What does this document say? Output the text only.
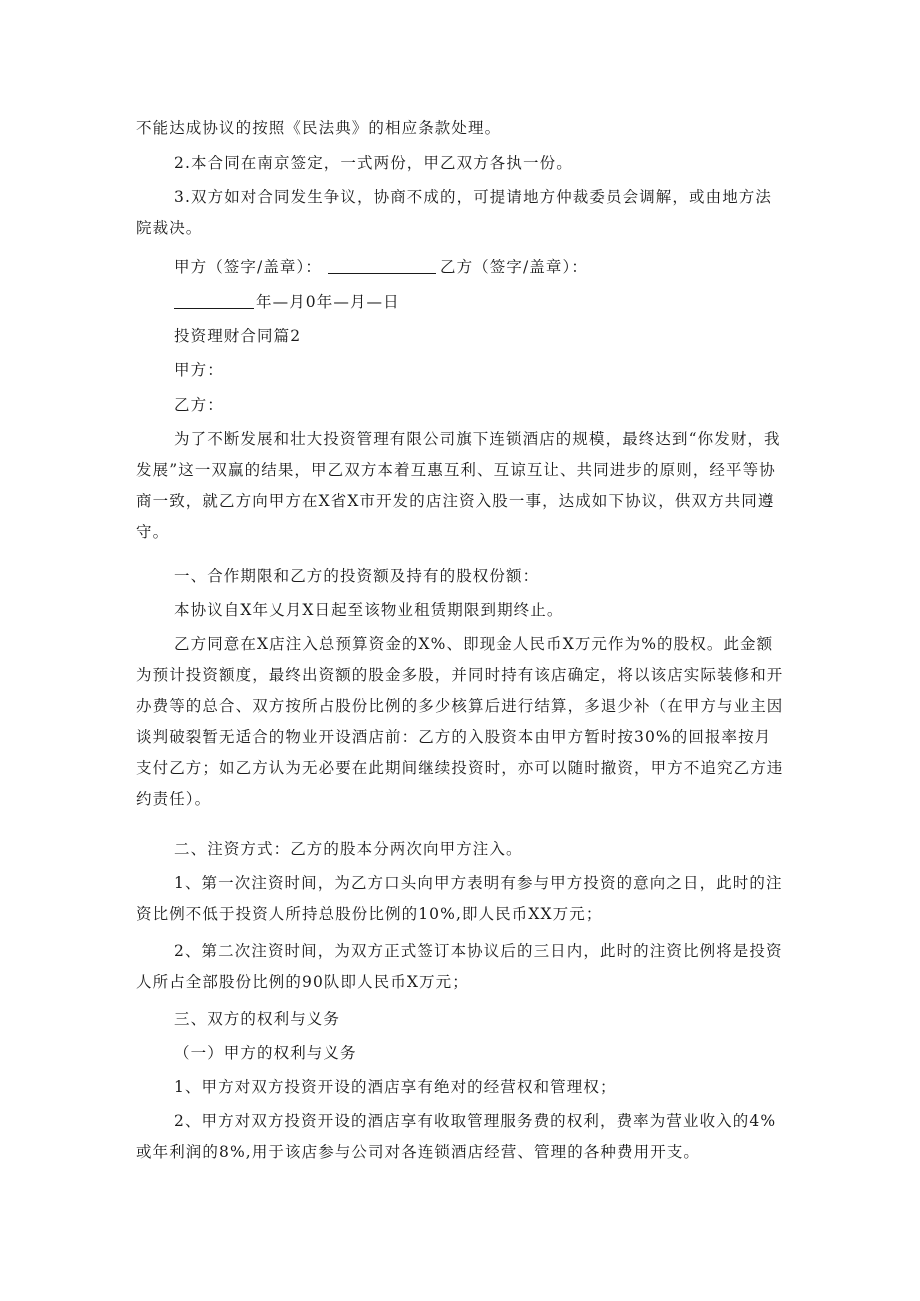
不能达成协议的按照《民法典》的相应条款处理。
2.本合同在南京签定，一式两份，甲乙双方各执一份。
3.双方如对合同发生争议，协商不成的，可提请地方仲裁委员会调解，或由地方法院裁决。
甲方（签字/盖章）：	乙方（签字/盖章）：
年—月0年—月—日
投资理财合同篇2
甲方：
乙方：
为了不断发展和壮大投资管理有限公司旗下连锁酒店的规模，最终达到“你发财，我发展”这一双赢的结果，甲乙双方本着互惠互利、互谅互让、共同进步的原则，经平等协商一致，就乙方向甲方在X省X市开发的店注资入股一事，达成如下协议，供双方共同遵守。
一、合作期限和乙方的投资额及持有的股权份额：
本协议自X年乂月X日起至该物业租赁期限到期终止。
乙方同意在X店注入总预算资金的X%、即现金人民币X万元作为%的股权。此金额为预计投资额度，最终出资额的股金多股，并同时持有该店确定，将以该店实际装修和开办费等的总合、双方按所占股份比例的多少核算后进行结算，多退少补（在甲方与业主因谈判破裂暂无适合的物业开设酒店前：乙方的入股资本由甲方暂时按30%的回报率按月支付乙方；如乙方认为无必要在此期间继续投资时，亦可以随时撤资，甲方不追究乙方违约责任）。
二、注资方式：乙方的股本分两次向甲方注入。
1、第一次注资时间，为乙方口头向甲方表明有参与甲方投资的意向之日，此时的注资比例不低于投资人所持总股份比例的10%,即人民币XX万元；
2、第二次注资时间，为双方正式签订本协议后的三日内，此时的注资比例将是投资人所占全部股份比例的90队即人民币X万元；
三、双方的权利与义务
（一）甲方的权利与义务
1、甲方对双方投资开设的酒店享有绝对的经营权和管理权；
2、甲方对双方投资开设的酒店享有收取管理服务费的权利，费率为营业收入的4%或年利润的8%,用于该店参与公司对各连锁酒店经营、管理的各种费用开支。
